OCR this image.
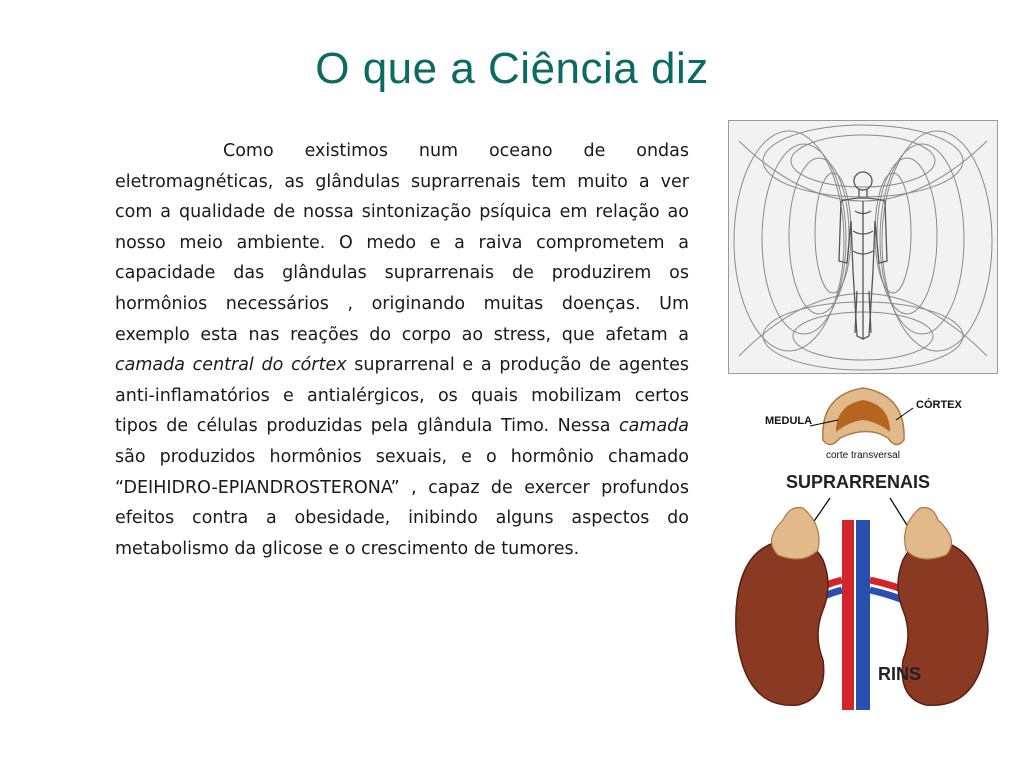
O que a Ciência diz
Como existimos num oceano de ondas eletromagnéticas, as glândulas suprarrenais tem muito a ver com a qualidade de nossa sintonização psíquica em relação ao nosso meio ambiente. O medo e a raiva comprometem a capacidade das glândulas suprarrenais de produzirem os hormônios necessários , originando muitas doenças. Um exemplo esta nas reações do corpo ao stress, que afetam a camada central do córtex suprarrenal e a produção de agentes anti-inflamatórios e antialérgicos, os quais mobilizam certos tipos de células produzidas pela glândula Timo. Nessa camada são produzidos hormônios sexuais, e o hormônio chamado “DEIHIDRO-EPIANDROSTERONA” , capaz de exercer profundos efeitos contra a obesidade, inibindo alguns aspectos do metabolismo da glicose e o crescimento de tumores.
MEDULA
CÓRTEX
corte transversal
SUPRARRENAIS
RINS
